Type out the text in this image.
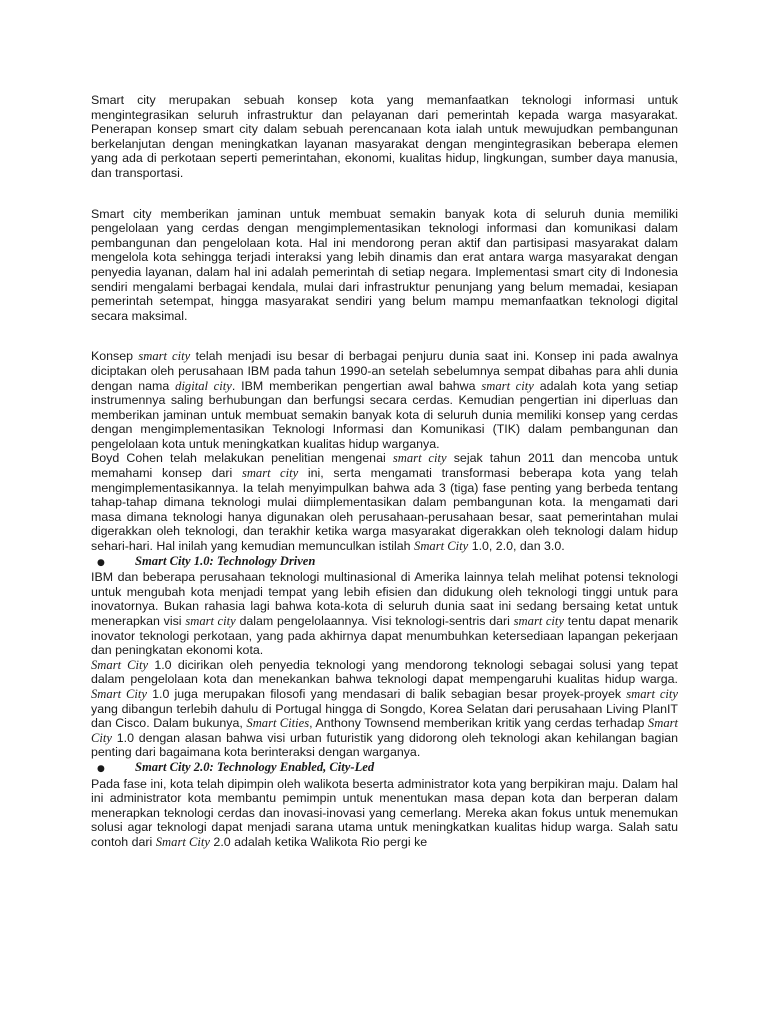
Smart city merupakan sebuah konsep kota yang memanfaatkan teknologi informasi untuk mengintegrasikan seluruh infrastruktur dan pelayanan dari pemerintah kepada warga masyarakat. Penerapan konsep smart city dalam sebuah perencanaan kota ialah untuk mewujudkan pembangunan berkelanjutan dengan meningkatkan layanan masyarakat dengan mengintegrasikan beberapa elemen yang ada di perkotaan seperti pemerintahan, ekonomi, kualitas hidup, lingkungan, sumber daya manusia, dan transportasi.

Smart city memberikan jaminan untuk membuat semakin banyak kota di seluruh dunia memiliki pengelolaan yang cerdas dengan mengimplementasikan teknologi informasi dan komunikasi dalam pembangunan dan pengelolaan kota. Hal ini mendorong peran aktif dan partisipasi masyarakat dalam mengelola kota sehingga terjadi interaksi yang lebih dinamis dan erat antara warga masyarakat dengan penyedia layanan, dalam hal ini adalah pemerintah di setiap negara. Implementasi smart city di Indonesia sendiri mengalami berbagai kendala, mulai dari infrastruktur penunjang yang belum memadai, kesiapan pemerintah setempat, hingga masyarakat sendiri yang belum mampu memanfaatkan teknologi digital secara maksimal.

Konsep smart city telah menjadi isu besar di berbagai penjuru dunia saat ini. Konsep ini pada awalnya diciptakan oleh perusahaan IBM pada tahun 1990-an setelah sebelumnya sempat dibahas para ahli dunia dengan nama digital city. IBM memberikan pengertian awal bahwa smart city adalah kota yang setiap instrumennya saling berhubungan dan berfungsi secara cerdas. Kemudian pengertian ini diperluas dan memberikan jaminan untuk membuat semakin banyak kota di seluruh dunia memiliki konsep yang cerdas dengan mengimplementasikan Teknologi Informasi dan Komunikasi (TIK) dalam pembangunan dan pengelolaan kota untuk meningkatkan kualitas hidup warganya.

Boyd Cohen telah melakukan penelitian mengenai smart city sejak tahun 2011 dan mencoba untuk memahami konsep dari smart city ini, serta mengamati transformasi beberapa kota yang telah mengimplementasikannya. Ia telah menyimpulkan bahwa ada 3 (tiga) fase penting yang berbeda tentang tahap-tahap dimana teknologi mulai diimplementasikan dalam pembangunan kota. Ia mengamati dari masa dimana teknologi hanya digunakan oleh perusahaan-perusahaan besar, saat pemerintahan mulai digerakkan oleh teknologi, dan terakhir ketika warga masyarakat digerakkan oleh teknologi dalam hidup sehari-hari. Hal inilah yang kemudian memunculkan istilah Smart City 1.0, 2.0, dan 3.0.

●	Smart City 1.0: Technology Driven

IBM dan beberapa perusahaan teknologi multinasional di Amerika lainnya telah melihat potensi teknologi untuk mengubah kota menjadi tempat yang lebih efisien dan didukung oleh teknologi tinggi untuk para inovatornya. Bukan rahasia lagi bahwa kota-kota di seluruh dunia saat ini sedang bersaing ketat untuk menerapkan visi smart city dalam pengelolaannya. Visi teknologi-sentris dari smart city tentu dapat menarik inovator teknologi perkotaan, yang pada akhirnya dapat menumbuhkan ketersediaan lapangan pekerjaan dan peningkatan ekonomi kota.

Smart City 1.0 dicirikan oleh penyedia teknologi yang mendorong teknologi sebagai solusi yang tepat dalam pengelolaan kota dan menekankan bahwa teknologi dapat mempengaruhi kualitas hidup warga. Smart City 1.0 juga merupakan filosofi yang mendasari di balik sebagian besar proyek-proyek smart city yang dibangun terlebih dahulu di Portugal hingga di Songdo, Korea Selatan dari perusahaan Living PlanIT dan Cisco. Dalam bukunya, Smart Cities, Anthony Townsend memberikan kritik yang cerdas terhadap Smart City 1.0 dengan alasan bahwa visi urban futuristik yang didorong oleh teknologi akan kehilangan bagian penting dari bagaimana kota berinteraksi dengan warganya.

●	Smart City 2.0: Technology Enabled, City-Led

Pada fase ini, kota telah dipimpin oleh walikota beserta administrator kota yang berpikiran maju. Dalam hal ini administrator kota membantu pemimpin untuk menentukan masa depan kota dan berperan dalam menerapkan teknologi cerdas dan inovasi-inovasi yang cemerlang. Mereka akan fokus untuk menemukan solusi agar teknologi dapat menjadi sarana utama untuk meningkatkan kualitas hidup warga. Salah satu contoh dari Smart City 2.0 adalah ketika Walikota Rio pergi ke
